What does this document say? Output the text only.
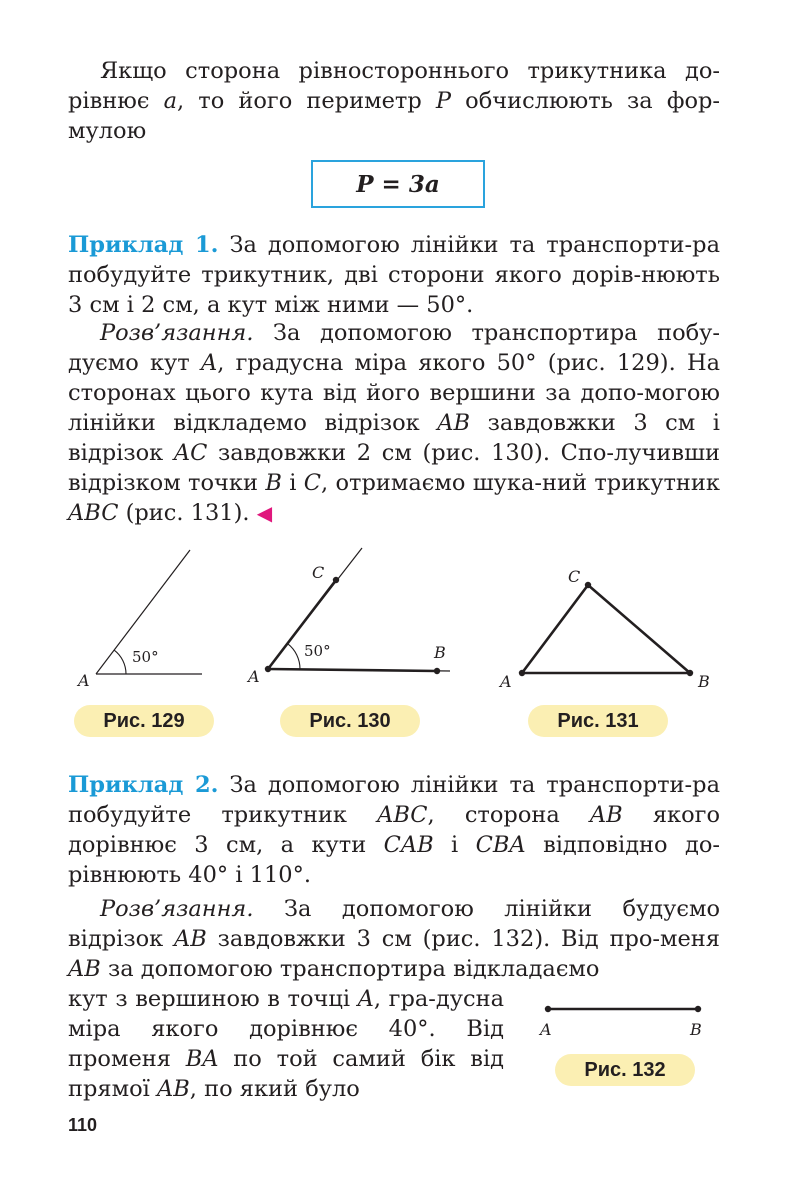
Якщо сторона рівностороннього трикутника до-рівнює a, то його периметр P обчислюють за фор-мулою

P = 3a

Приклад 1. За допомогою лінійки та транспорти-ра побудуйте трикутник, дві сторони якого дорів-нюють 3 см і 2 см, а кут між ними — 50°.

Розв’язання. За допомогою транспортира побу-дуємо кут A, градусна міра якого 50° (рис. 129). На сторонах цього кута від його вершини за допо-могою лінійки відкладемо відрізок AB завдовжки 3 см і відрізок AC завдовжки 2 см (рис. 130). Спо-лучивши відрізком точки B і C, отримаємо шука-ний трикутник ABC (рис. 131). ◀

50°
A
Рис. 129
50°
A
B
C
Рис. 130
A	B
C
Рис. 131

Приклад 2. За допомогою лінійки та транспорти-ра побудуйте трикутник ABC, сторона AB якого дорівнює 3 см, а кути CAB і CBA відповідно до-рівнюють 40° і 110°.

Розв’язання. За допомогою лінійки будуємо відрізок AB завдовжки 3 см (рис. 132). Від про-меня AB за допомогою транспортира відкладаємо

кут з вершиною в точці A, гра-дусна міра якого дорівнює 40°. Від променя BA по той самий бік від прямої AB, по який було

A	B
Рис. 132
110
